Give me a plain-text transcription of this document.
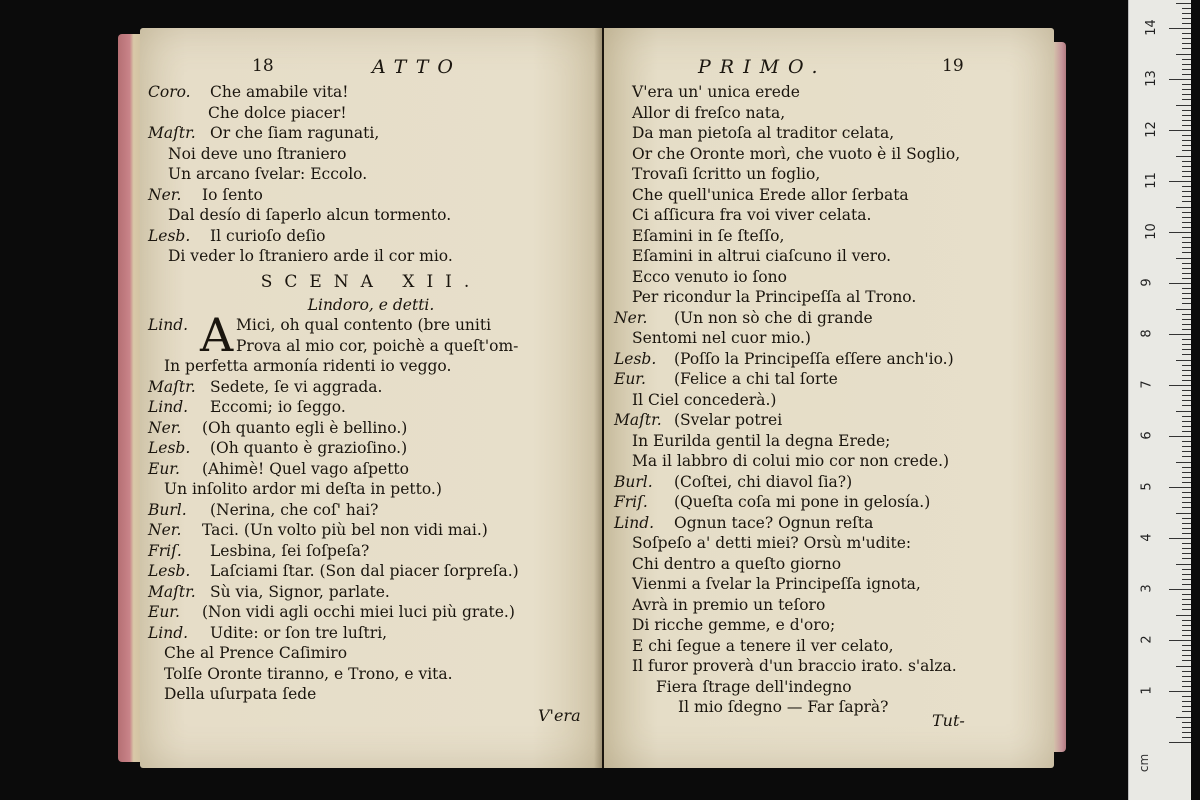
18	ATTO
Coro. Che amabile vita!
Che dolce piacer!
Maſtr. Or che ſiam ragunati,
Noi deve uno ſtraniero
Un arcano ſvelar: Eccolo.
Ner. Io ſento
Dal desío di ſaperlo alcun tormento.
Lesb. Il curioſo deſio
Di veder lo ſtraniero arde il cor mio.
SCENA XII.
Lindoro, e detti.
Lind.	Mici, oh qual contento (bre uniti
A Prova al mio cor, poichè a queſt'om-
In perfetta armonía ridenti io veggo.
Maſtr. Sedete, ſe vi aggrada.
Lind. Eccomi; io ſeggo.
Ner. (Oh quanto egli è bellino.)
Lesb. (Oh quanto è grazioſino.)
Eur. (Ahimè! Quel vago aſpetto
Un inſolito ardor mi deſta in petto.)
Burl. (Nerina, che coſ' hai?
Ner. Taci. (Un volto più bel non vidi mai.)
Friſ. Lesbina, ſei ſoſpeſa?
Lesb. Laſciami ſtar. (Son dal piacer ſorpreſa.)
Maſtr. Sù via, Signor, parlate.
Eur. (Non vidi agli occhi miei luci più grate.)
Lind. Udite: or ſon tre luſtri,
Che al Prence Caſimiro
Tolſe Oronte tiranno, e Trono, e vita.
Della uſurpata ſede
V'era
PRIMO.	19
V'era un' unica erede
Allor di freſco nata,
Da man pietoſa al traditor celata,
Or che Oronte morì, che vuoto è il Soglio,
Trovaſi ſcritto un foglio,
Che quell'unica Erede allor ſerbata
Ci aſſicura fra voi viver celata.
Eſamini in ſe ſteſſo,
Eſamini in altrui ciaſcuno il vero.
Ecco venuto io ſono
Per ricondur la Principeſſa al Trono.
Ner. (Un non sò che di grande
Sentomi nel cuor mio.)
Lesb. (Poſſo la Principeſſa eſſere anch'io.)
Eur. (Felice a chi tal ſorte
Il Ciel concederà.)
Maſtr. (Svelar potrei
In Eurilda gentil la degna Erede;
Ma il labbro di colui mio cor non crede.)
Burl. (Coſtei, chi diavol ſia?)
Friſ. (Queſta coſa mi pone in gelosía.)
Lind. Ognun tace? Ognun reſta
Soſpeſo a' detti miei? Orsù m'udite:
Chi dentro a queſto giorno
Vienmi a ſvelar la Principeſſa ignota,
Avrà in premio un teſoro
Di ricche gemme, e d'oro;
E chi ſegue a tenere il ver celato,
Il furor proverà d'un braccio irato. s'alza.
Fiera ſtrage dell'indegno
Il mio ſdegno — Far ſaprà?
Tut-
cm
1
2
3
4
5
6
7
8
9
10
11
12
13
14
